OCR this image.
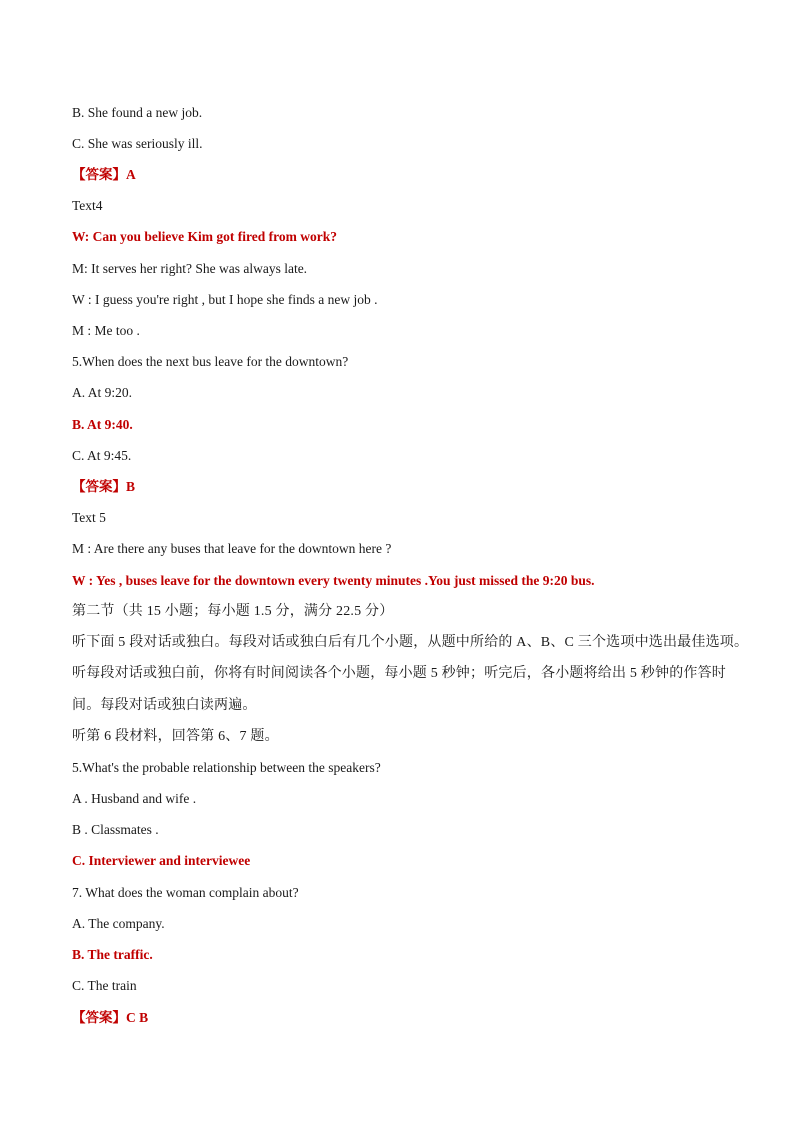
B. She found a new job.
C. She was seriously ill.
【答案】A
Text4
W: Can you believe Kim got fired from work?
M: It serves her right? She was always late.
W : I guess you're right , but I hope she finds a new job .
M : Me too .
5.When does the next bus leave for the downtown?
A. At 9:20.
B. At 9:40.
C. At 9:45.
【答案】B
Text 5
M : Are there any buses that leave for the downtown here ?
W : Yes , buses leave for the downtown every twenty minutes .You just missed the 9:20 bus.
第二节（共 15 小题；每小题 1.5 分，满分 22.5 分）
听下面 5 段对话或独白。每段对话或独白后有几个小题，从题中所给的 A、B、C 三个选项中选出最佳选项。
听每段对话或独白前，你将有时间阅读各个小题，每小题 5 秒钟；听完后，各小题将给出 5 秒钟的作答时
间。每段对话或独白读两遍。
听第 6 段材料，回答第 6、7 题。
5.What's the probable relationship between the speakers?
A . Husband and wife .
B . Classmates .
C. Interviewer and interviewee
7. What does the woman complain about?
A. The company.
B. The traffic.
C. The train
【答案】C B
